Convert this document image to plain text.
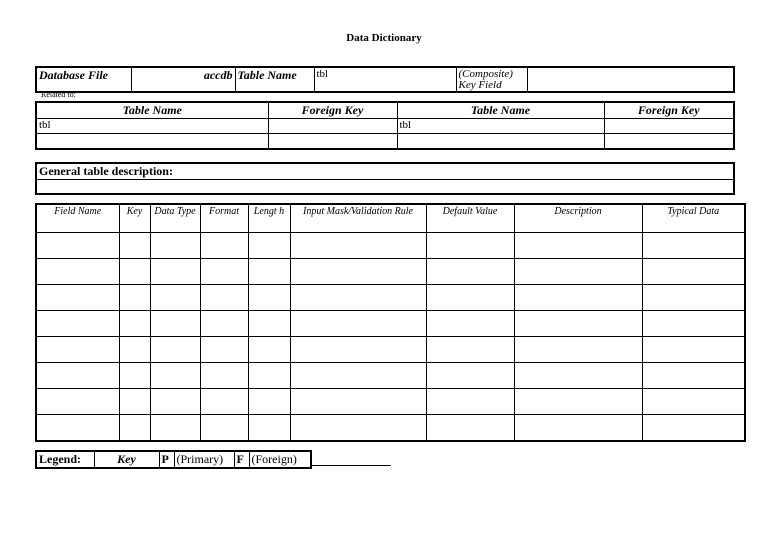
Data Dictionary
Database File	accdb	Table Name	tbl	(Composite) Key Field	
Related to:
Table Name	Foreign Key	Table Name	Foreign Key
tbl		tbl	

General table description:

Field Name	Key	Data Type	Format	Lengt h	Input Mask/Validation Rule	Default Value	Description	Typical Data

Legend:	Key	P	(Primary)	F	(Foreign)
